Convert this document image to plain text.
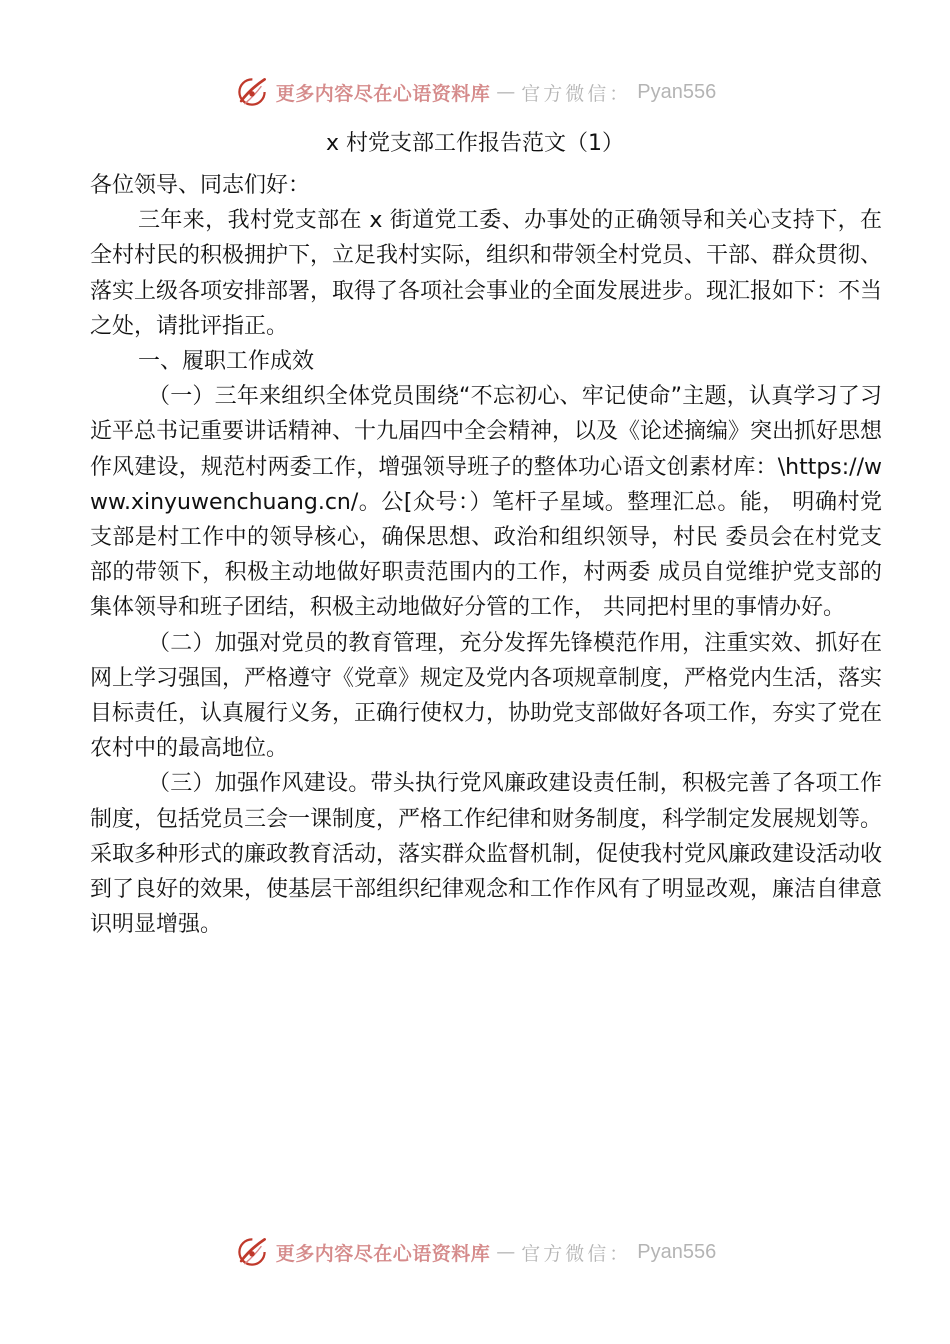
更多内容尽在心语资料库 — 官方微信： Pyan556
x 村党支部工作报告范文（1）

各位领导、同志们好：

三年来，我村党支部在 x 街道党工委、办事处的正确领导和关心支持下，在全村村民的积极拥护下，立足我村实际，组织和带领全村党员、干部、群众贯彻、落实上级各项安排部署，取得了各项社会事业的全面发展进步。现汇报如下：不当之处，请批评指正。

一、履职工作成效

（一）三年来组织全体党员围绕“不忘初心、牢记使命”主题，认真学习了习近平总书记重要讲话精神、十九届四中全会精神，以及《论述摘编》突出抓好思想作风建设，规范村两委工作，增强领导班子的整体功心语文创素材库：\https://www.xinyuwenchuang.cn/。公[众号：）笔杆子星域。整理汇总。能， 明确村党支部是村工作中的领导核心，确保思想、政治和组织领导，村民 委员会在村党支部的带领下，积极主动地做好职责范围内的工作，村两委 成员自觉维护党支部的集体领导和班子团结，积极主动地做好分管的工作， 共同把村里的事情办好。

（二）加强对党员的教育管理，充分发挥先锋模范作用，注重实效、抓好在网上学习强国，严格遵守《党章》规定及党内各项规章制度，严格党内生活，落实目标责任，认真履行义务，正确行使权力，协助党支部做好各项工作，夯实了党在农村中的最高地位。

（三）加强作风建设。带头执行党风廉政建设责任制，积极完善了各项工作制度，包括党员三会一课制度，严格工作纪律和财务制度，科学制定发展规划等。采取多种形式的廉政教育活动，落实群众监督机制，促使我村党风廉政建设活动收到了良好的效果，使基层干部组织纪律观念和工作作风有了明显改观，廉洁自律意识明显增强。

更多内容尽在心语资料库 — 官方微信： Pyan556
